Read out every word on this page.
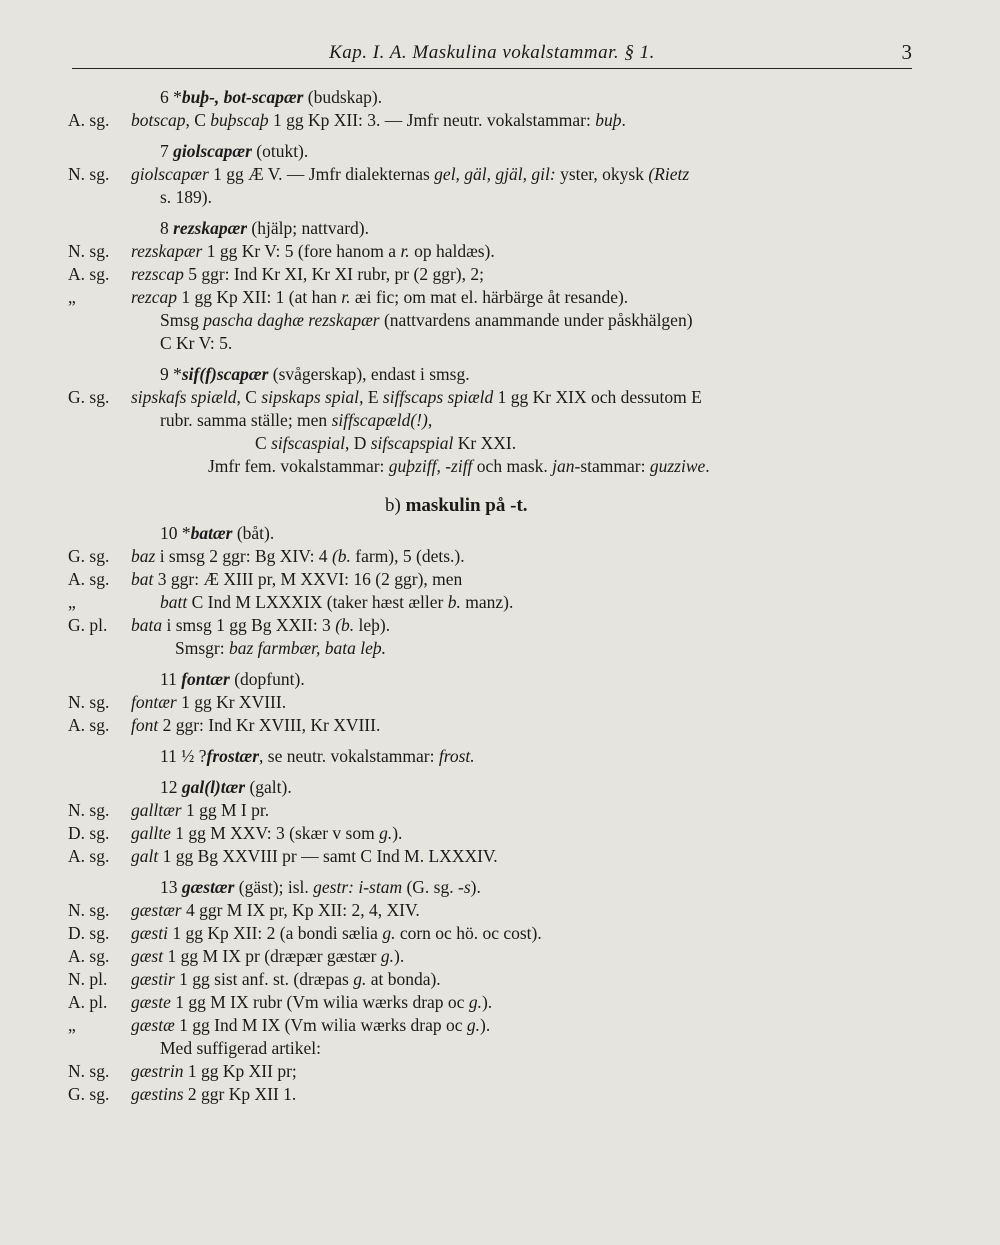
Kap. I. A. Maskulina vokalstammar. § 1.	3
6 *buþ-, bot-scapær (budskap).
A. sg. botscap, C buþscaþ 1 gg Kp XII: 3. — Jmfr neutr. vokalstammar: buþ.
7 giolscapær (otukt).
N. sg. giolscapær 1 gg Æ V. — Jmfr dialekternas gel, gäl, gjäl, gil: yster, okysk (Rietz
s. 189).
8 rezskapær (hjälp; nattvard).
N. sg. rezskapær 1 gg Kr V: 5 (fore hanom a r. op haldæs).
A. sg. rezscap 5 ggr: Ind Kr XI, Kr XI rubr, pr (2 ggr), 2;
„	rezcap 1 gg Kp XII: 1 (at han r. æi fic; om mat el. härbärge åt resande).
Smsg pascha daghæ rezskapær (nattvardens anammande under påskhälgen)
C Kr V: 5.
9 *sif(f)scapær (svågerskap), endast i smsg.
G. sg. sipskafs spiæld, C sipskaps spial, E siffscaps spiæld 1 gg Kr XIX och dessutom E
rubr. samma ställe; men siffscapæld(!),
C sifscaspial, D sifscapspial Kr XXI.
Jmfr fem. vokalstammar: guþziff, -ziff och mask. jan-stammar: guzziwe.
b) maskulin på -t.
10 *batær (båt).
G. sg. baz i smsg 2 ggr: Bg XIV: 4 (b. farm), 5 (dets.).
A. sg. bat 3 ggr: Æ XIII pr, M XXVI: 16 (2 ggr), men
„	batt C Ind M LXXXIX (taker hæst æller b. manz).
G. pl. bata i smsg 1 gg Bg XXII: 3 (b. leþ).
Smsgr: baz farmbær, bata leþ.
11 fontær (dopfunt).
N. sg. fontær 1 gg Kr XVIII.
A. sg. font 2 ggr: Ind Kr XVIII, Kr XVIII.
11 ½ ?frostær, se neutr. vokalstammar: frost.
12 gal(l)tær (galt).
N. sg. galltær 1 gg M I pr.
D. sg. gallte 1 gg M XXV: 3 (skær v som g.).
A. sg. galt 1 gg Bg XXVIII pr — samt C Ind M. LXXXIV.
13 gæstær (gäst); isl. gestr: i-stam (G. sg. -s).
N. sg. gæstær 4 ggr M IX pr, Kp XII: 2, 4, XIV.
D. sg. gæsti 1 gg Kp XII: 2 (a bondi sælia g. corn oc hö. oc cost).
A. sg. gæst 1 gg M IX pr (dræpær gæstær g.).
N. pl. gæstir 1 gg sist anf. st. (dræpas g. at bonda).
A. pl. gæste 1 gg M IX rubr (Vm wilia wærks drap oc g.).
„	gæstæ 1 gg Ind M IX (Vm wilia wærks drap oc g.).
Med suffigerad artikel:
N. sg. gæstrin 1 gg Kp XII pr;
G. sg. gæstins 2 ggr Kp XII 1.
